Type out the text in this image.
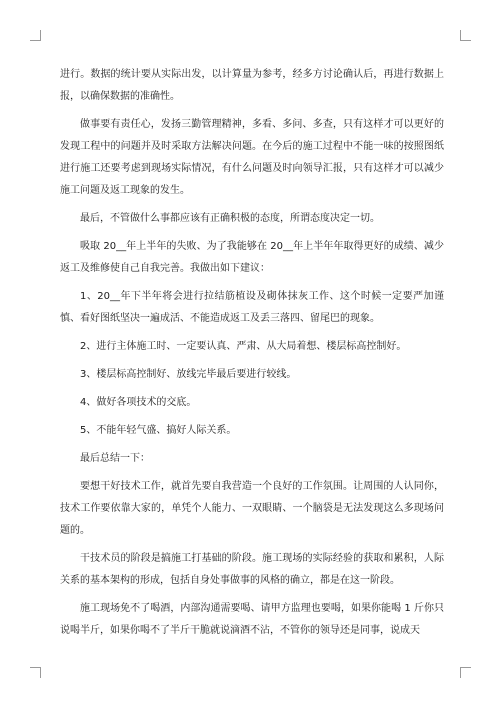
进行。数据的统计要从实际出发，以计算量为参考，经多方讨论确认后，再进行数据上报，以确保数据的准确性。

做事要有责任心，发扬三勤管理精神，多看、多问、多查，只有这样才可以更好的发现工程中的问题并及时采取方法解决问题。在今后的施工过程中不能一味的按照图纸进行施工还要考虑到现场实际情况，有什么问题及时向领导汇报，只有这样才可以减少施工问题及返工现象的发生。

最后，不管做什么事都应该有正确积极的态度，所谓态度决定一切。

吸取 20__年上半年的失败、为了我能够在 20__年上半年年取得更好的成绩、减少返工及维修使自己自我完善。我做出如下建议：

1、20__年下半年将会进行拉结筋植设及砌体抹灰工作、这个时候一定要严加谨慎、看好图纸坚决一遍成活、不能造成返工及丢三落四、留尾巴的现象。

2、进行主体施工时、一定要认真、严肃、从大局着想、楼层标高控制好。

3、楼层标高控制好、放线完毕最后要进行较线。

4、做好各项技术的交底。

5、不能年轻气盛、搞好人际关系。

最后总结一下：

要想干好技术工作，就首先要自我营造一个良好的工作氛围。让周围的人认同你，技术工作要依靠大家的，单凭个人能力、一双眼睛、一个脑袋是无法发现这么多现场问题的。

干技术员的阶段是搞施工打基础的阶段。施工现场的实际经验的获取和累积，人际关系的基本架构的形成，包括自身处事做事的风格的确立，都是在这一阶段。

施工现场免不了喝酒，内部沟通需要喝、请甲方监理也要喝，如果你能喝 1 斤你只说喝半斤，如果你喝不了半斤干脆就说滴酒不沾，不管你的领导还是同事，说成天
